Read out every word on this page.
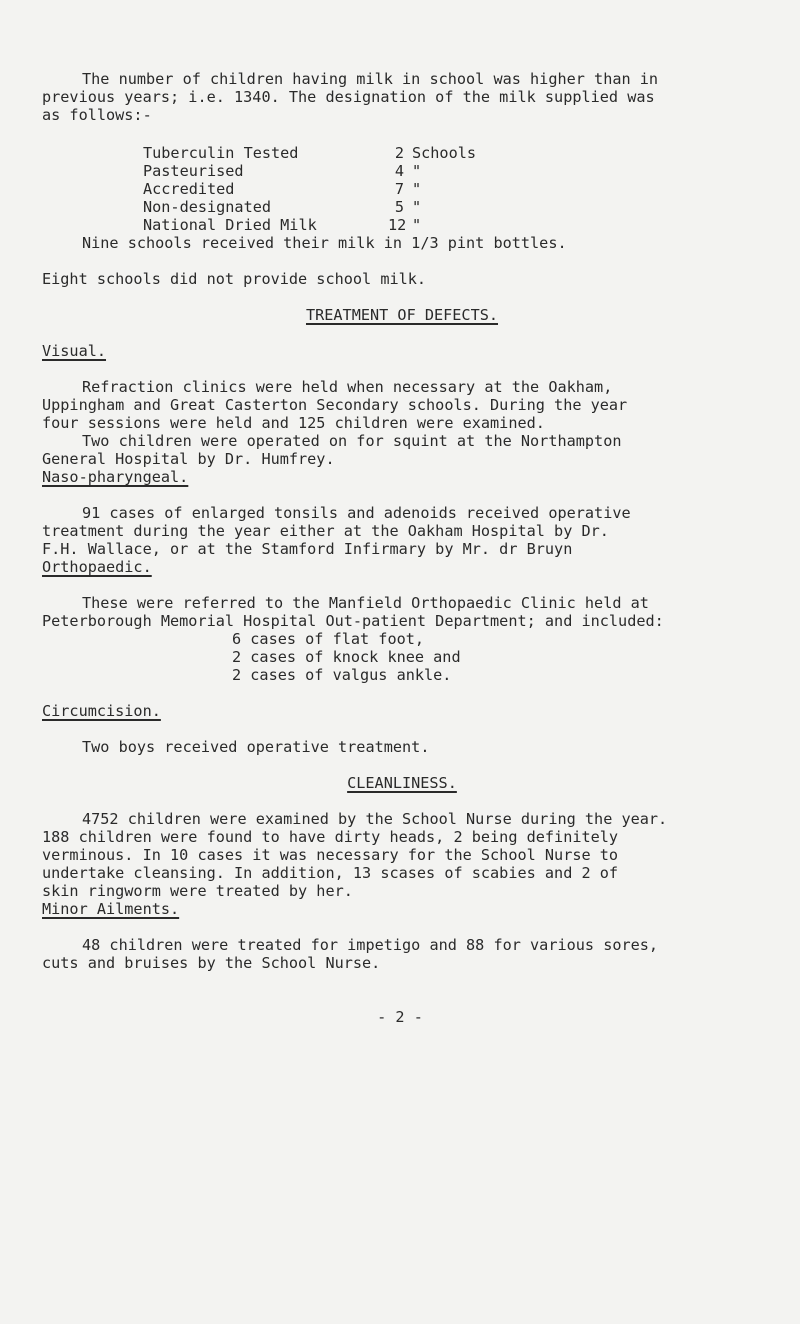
The number of children having milk in school was higher than in
previous years; i.e. 1340. The designation of the milk supplied was
as follows:-
Tuberculin Tested	2 Schools
Pasteurised	4 "
Accredited	7 "
Non-designated	5 "
National Dried Milk	12 "
Nine schools received their milk in 1/3 pint bottles.
Eight schools did not provide school milk.
TREATMENT OF DEFECTS.
Visual.
Refraction clinics were held when necessary at the Oakham,
Uppingham and Great Casterton Secondary schools. During the year
four sessions were held and 125 children were examined.
Two children were operated on for squint at the Northampton
General Hospital by Dr. Humfrey.
Naso-pharyngeal.
91 cases of enlarged tonsils and adenoids received operative
treatment during the year either at the Oakham Hospital by Dr.
F.H. Wallace, or at the Stamford Infirmary by Mr. dr Bruyn
Orthopaedic.
These were referred to the Manfield Orthopaedic Clinic held at
Peterborough Memorial Hospital Out-patient Department; and included:
6 cases of flat foot,
2 cases of knock knee and
2 cases of valgus ankle.
Circumcision.
Two boys received operative treatment.
CLEANLINESS.
4752 children were examined by the School Nurse during the year.
188 children were found to have dirty heads, 2 being definitely
verminous. In 10 cases it was necessary for the School Nurse to
undertake cleansing. In addition, 13 scases of scabies and 2 of
skin ringworm were treated by her.
Minor Ailments.
48 children were treated for impetigo and 88 for various sores,
cuts and bruises by the School Nurse.
- 2 -
